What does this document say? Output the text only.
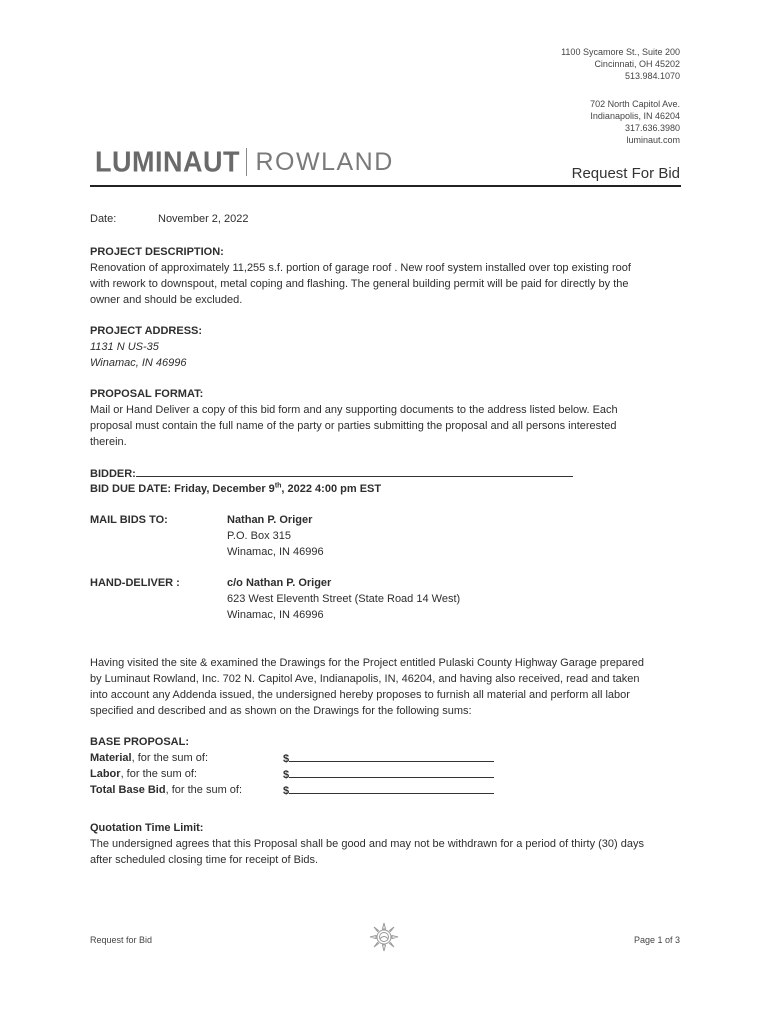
1100 Sycamore St., Suite 200
Cincinnati, OH 45202
513.984.1070
702 North Capitol Ave.
Indianapolis, IN 46204
317.636.3980
luminaut.com
LUMINAUT ROWLAND	Request For Bid
Date:	November 2, 2022
PROJECT DESCRIPTION:
Renovation of approximately 11,255 s.f. portion of garage roof . New roof system installed over top existing roof
with rework to downspout, metal coping and flashing. The general building permit will be paid for directly by the
owner and should be excluded.
PROJECT ADDRESS:
1131 N US-35
Winamac, IN 46996
PROPOSAL FORMAT:
Mail or Hand Deliver a copy of this bid form and any supporting documents to the address listed below. Each
proposal must contain the full name of the party or parties submitting the proposal and all persons interested
therein.
BIDDER:
BID DUE DATE: Friday, December 9th, 2022 4:00 pm EST
MAIL BIDS TO:	Nathan P. Origer
P.O. Box 315
Winamac, IN 46996
HAND-DELIVER :	c/o Nathan P. Origer
623 West Eleventh Street (State Road 14 West)
Winamac, IN 46996
Having visited the site & examined the Drawings for the Project entitled Pulaski County Highway Garage prepared
by Luminaut Rowland, Inc. 702 N. Capitol Ave, Indianapolis, IN, 46204, and having also received, read and taken
into account any Addenda issued, the undersigned hereby proposes to furnish all material and perform all labor
specified and described and as shown on the Drawings for the following sums:
BASE PROPOSAL:
Material, for the sum of:	$
Labor, for the sum of:	$
Total Base Bid, for the sum of:	$
Quotation Time Limit:
The undersigned agrees that this Proposal shall be good and may not be withdrawn for a period of thirty (30) days
after scheduled closing time for receipt of Bids.
Request for Bid	Page 1 of 3
